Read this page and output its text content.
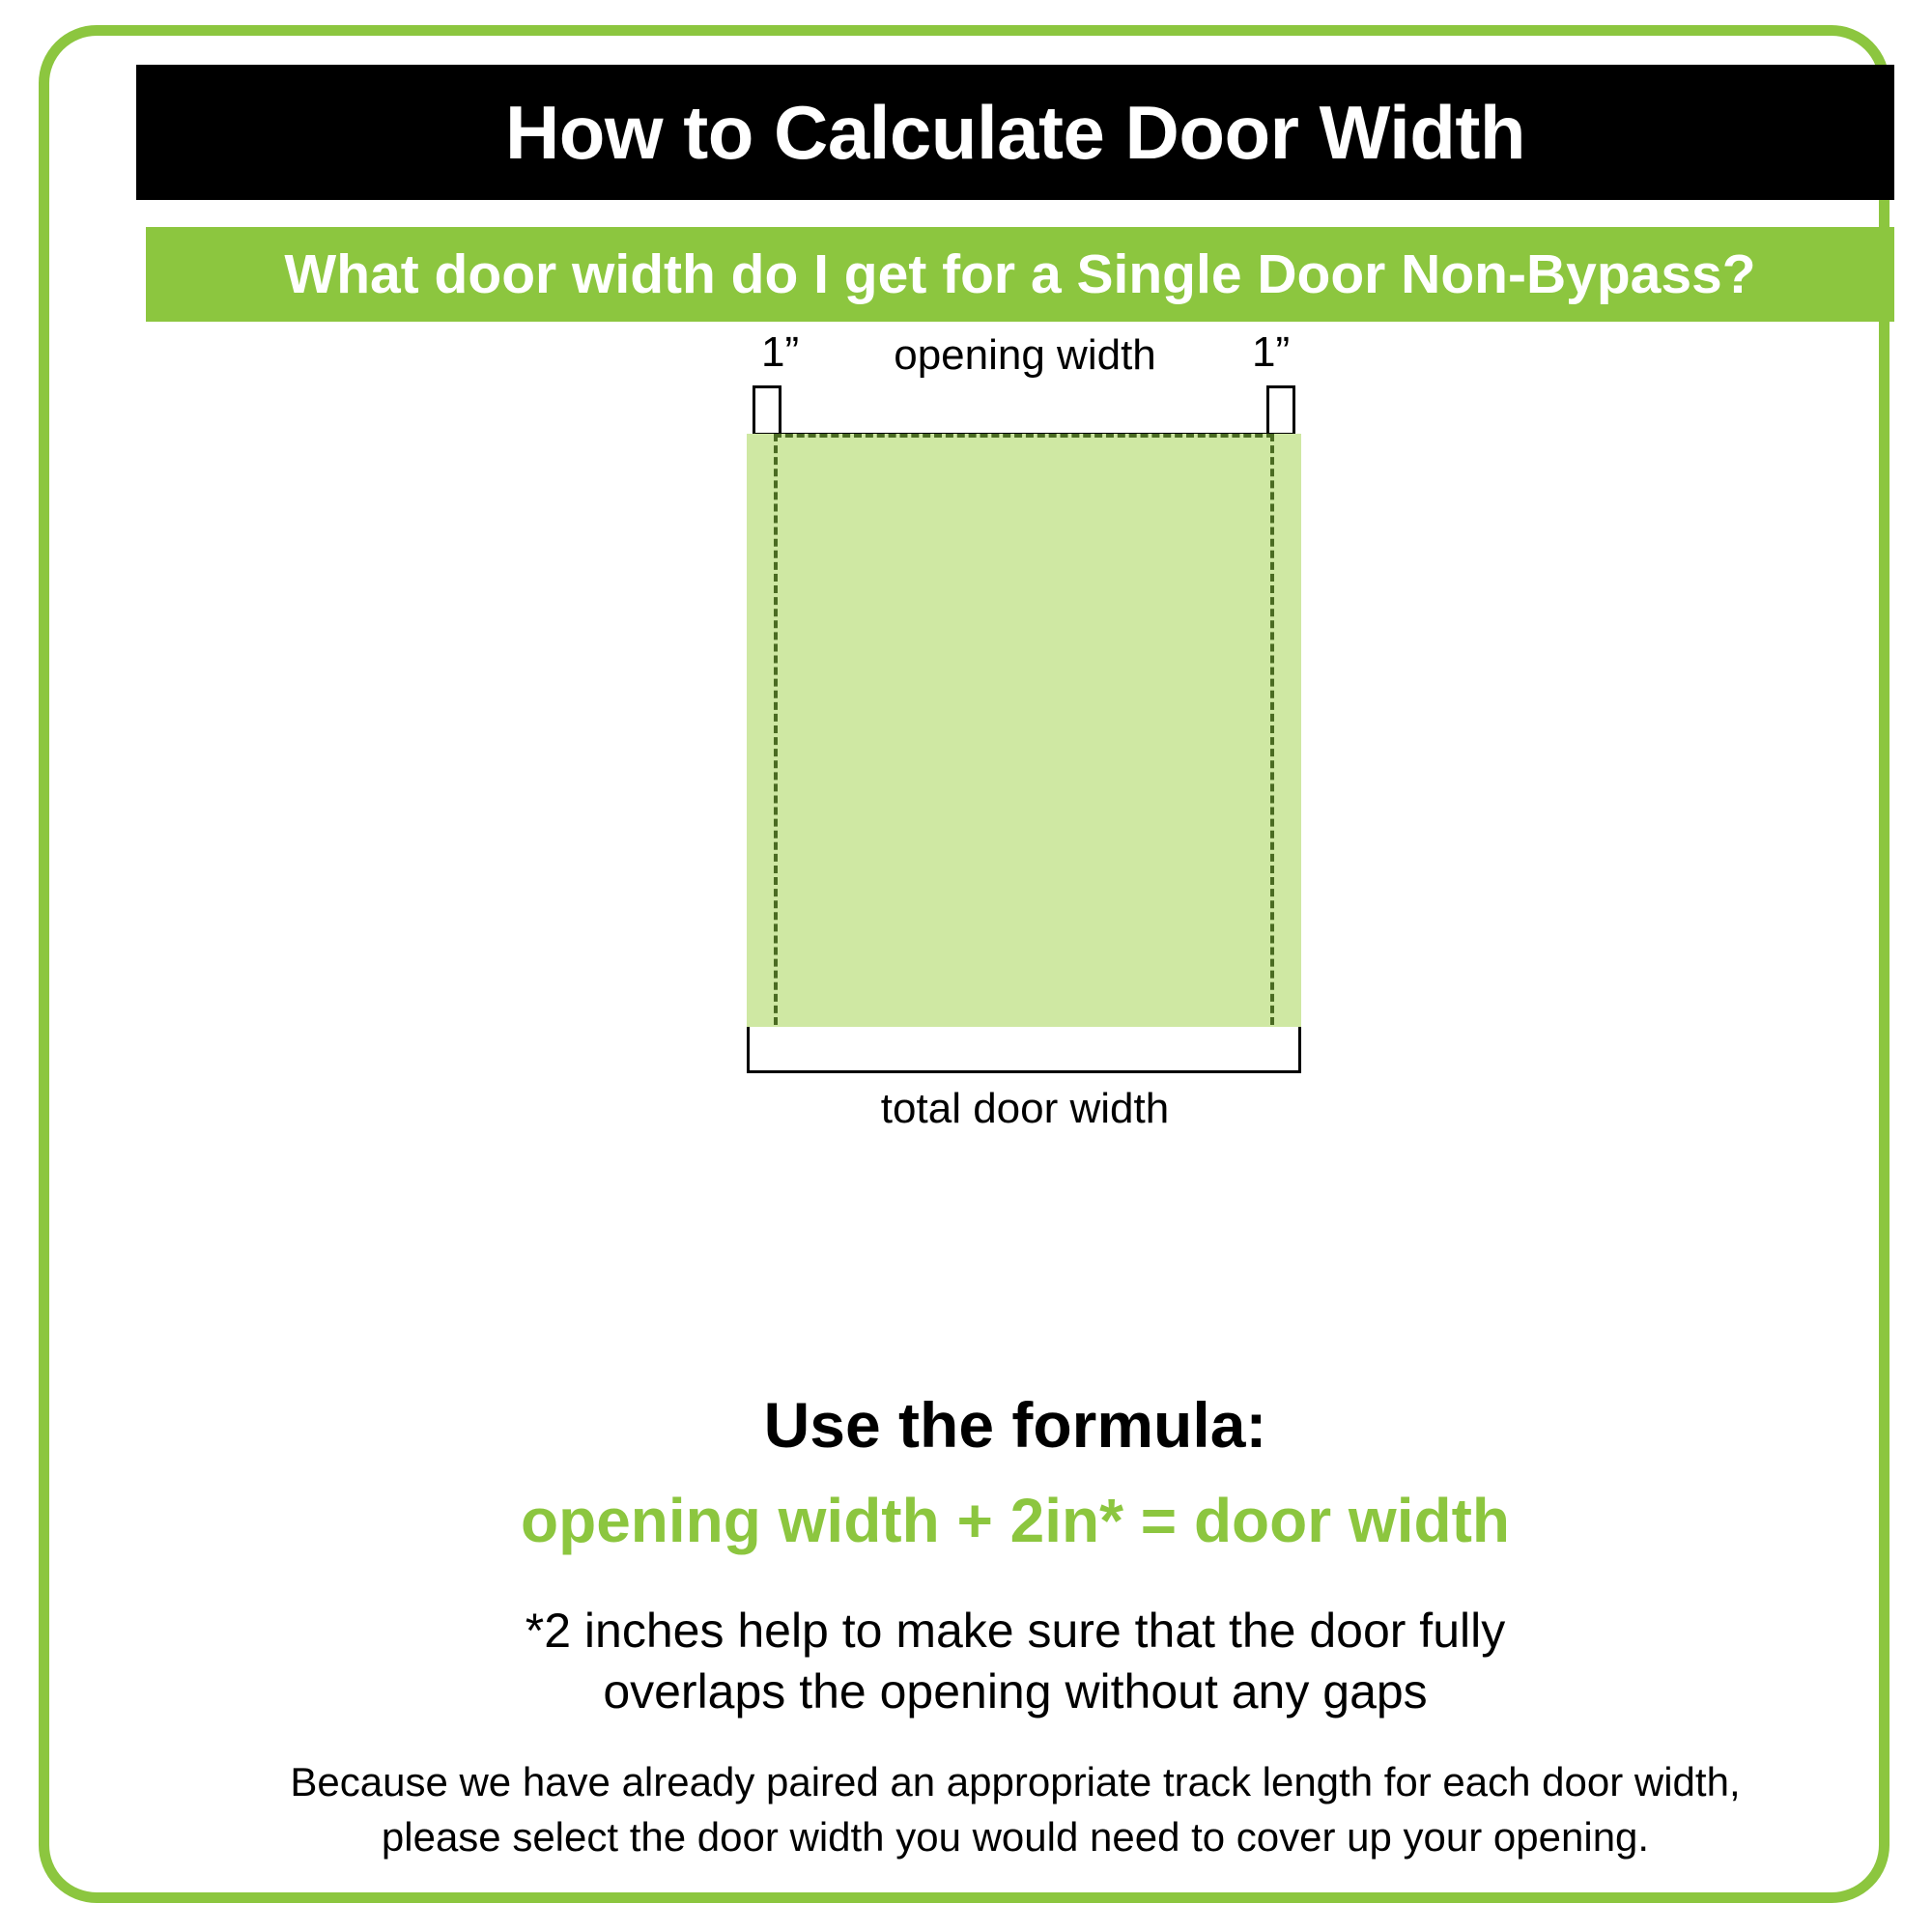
How to Calculate Door Width
What door width do I get for a Single Door Non-Bypass?
1”	opening width	1”
total door width
Use the formula:
opening width + 2in* = door width
*2 inches help to make sure that the door fully
overlaps the opening without any gaps
Because we have already paired an appropriate track length for each door width,
please select the door width you would need to cover up your opening.
